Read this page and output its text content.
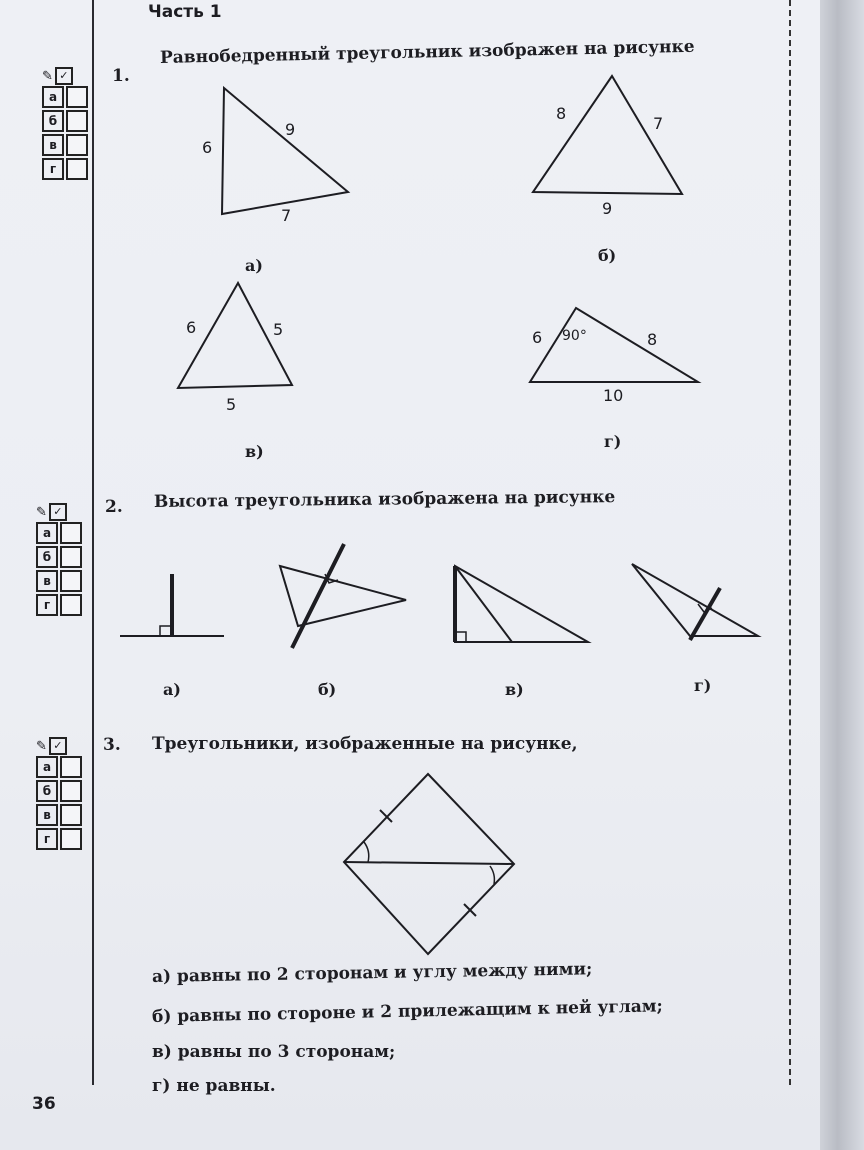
Часть 1
✎ ✓
а
б
в
г
1.
Равнобедренный треугольник изображен на рисунке
6
9
7
а)
8
7
9
б)
6	5
5
в)
6	8
10
90°
г)
✎ ✓
а
б
в
г
2. Высота треугольника изображена на рисунке
а)	б)	в)	г)
✎ ✓
а
б
в
г
3. Треугольники, изображенные на рисунке,
а) равны по 2 сторонам и углу между ними;
б) равны по стороне и 2 прилежащим к ней углам;
в) равны по 3 сторонам;
г) не равны.
36
